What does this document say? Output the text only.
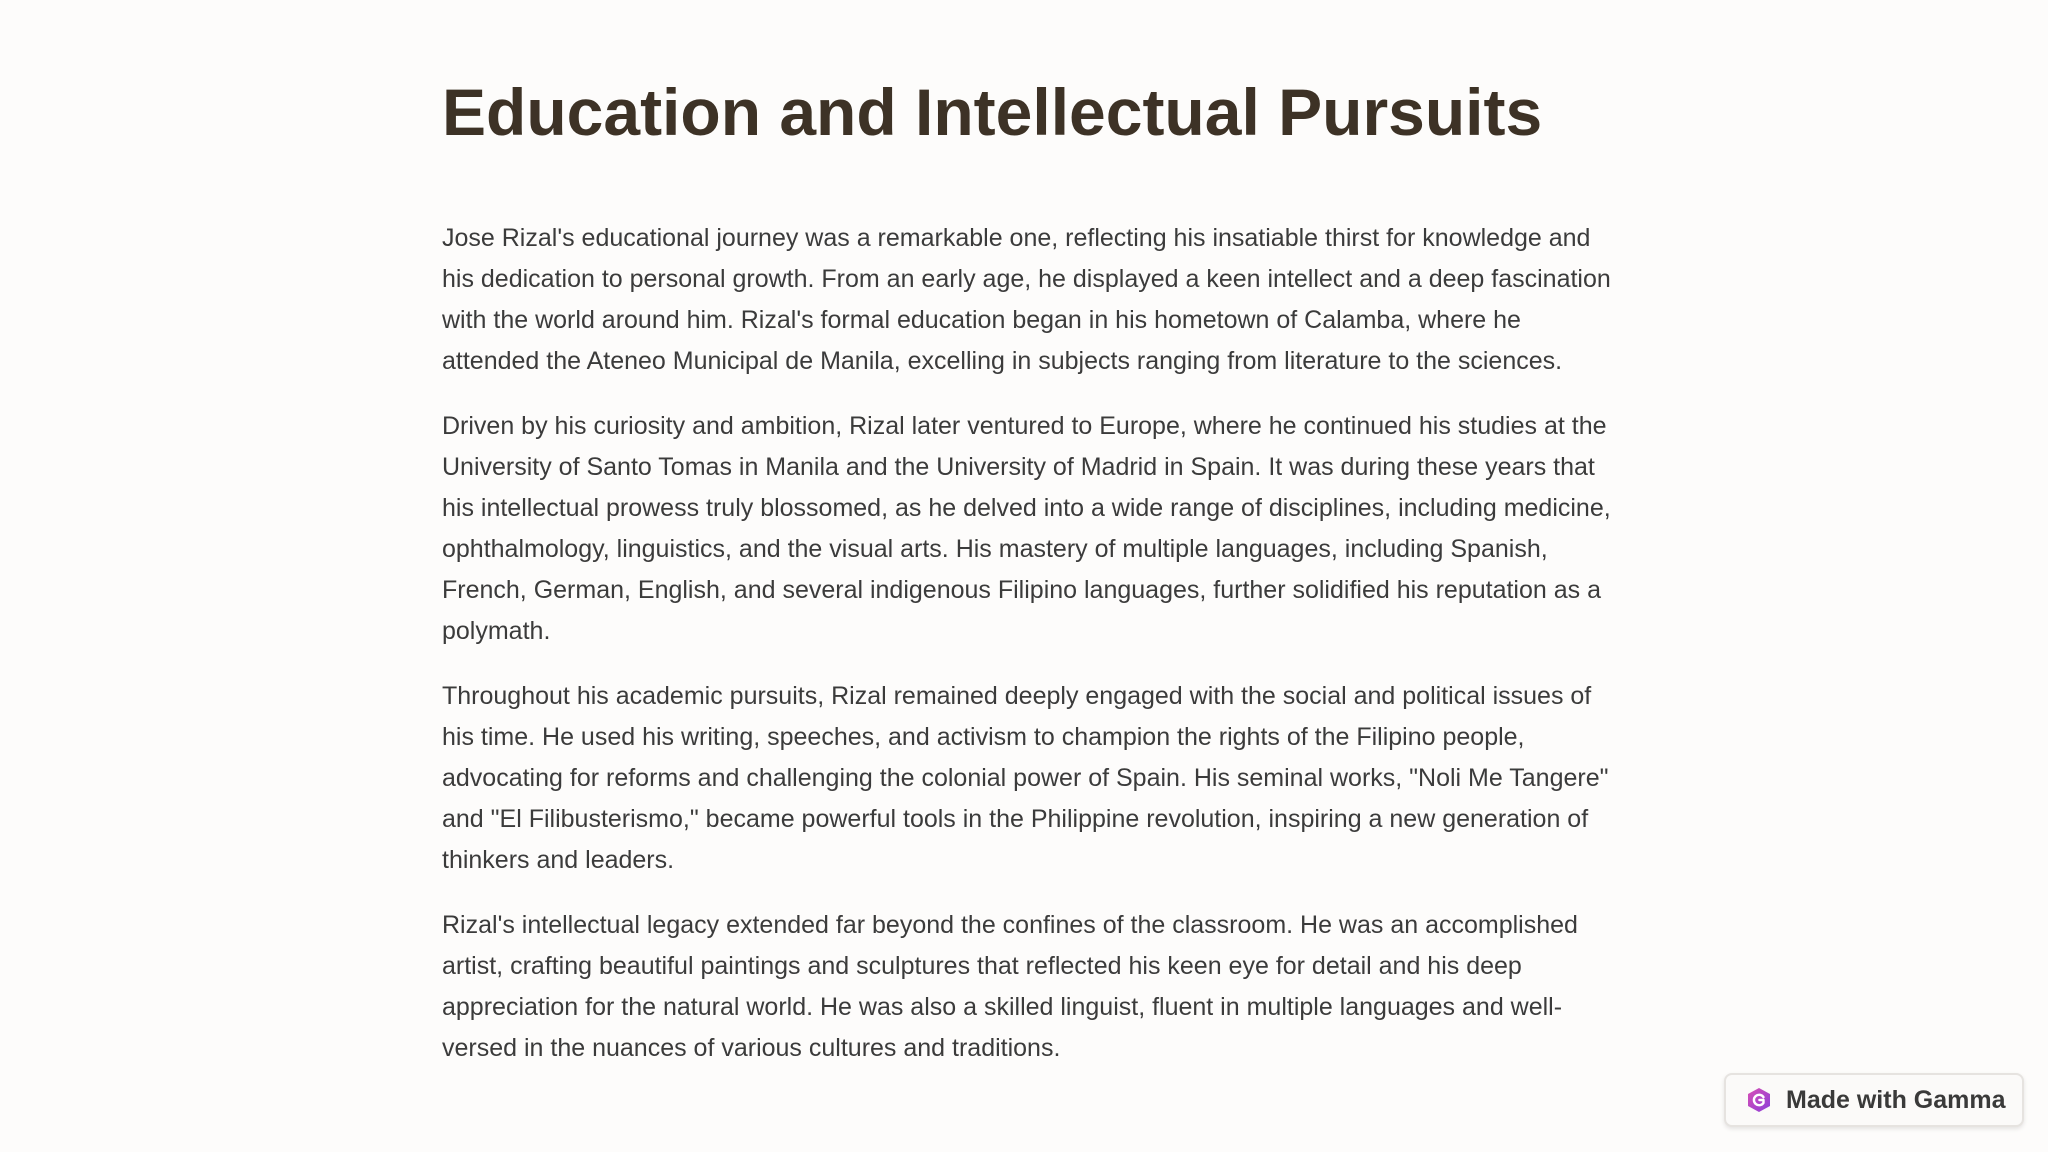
Education and Intellectual Pursuits

Jose Rizal's educational journey was a remarkable one, reflecting his insatiable thirst for knowledge and his dedication to personal growth. From an early age, he displayed a keen intellect and a deep fascination with the world around him. Rizal's formal education began in his hometown of Calamba, where he attended the Ateneo Municipal de Manila, excelling in subjects ranging from literature to the sciences.

Driven by his curiosity and ambition, Rizal later ventured to Europe, where he continued his studies at the University of Santo Tomas in Manila and the University of Madrid in Spain. It was during these years that his intellectual prowess truly blossomed, as he delved into a wide range of disciplines, including medicine, ophthalmology, linguistics, and the visual arts. His mastery of multiple languages, including Spanish, French, German, English, and several indigenous Filipino languages, further solidified his reputation as a polymath.

Throughout his academic pursuits, Rizal remained deeply engaged with the social and political issues of his time. He used his writing, speeches, and activism to champion the rights of the Filipino people, advocating for reforms and challenging the colonial power of Spain. His seminal works, "Noli Me Tangere" and "El Filibusterismo," became powerful tools in the Philippine revolution, inspiring a new generation of thinkers and leaders.

Rizal's intellectual legacy extended far beyond the confines of the classroom. He was an accomplished artist, crafting beautiful paintings and sculptures that reflected his keen eye for detail and his deep appreciation for the natural world. He was also a skilled linguist, fluent in multiple languages and well-versed in the nuances of various cultures and traditions.

Made with Gamma
